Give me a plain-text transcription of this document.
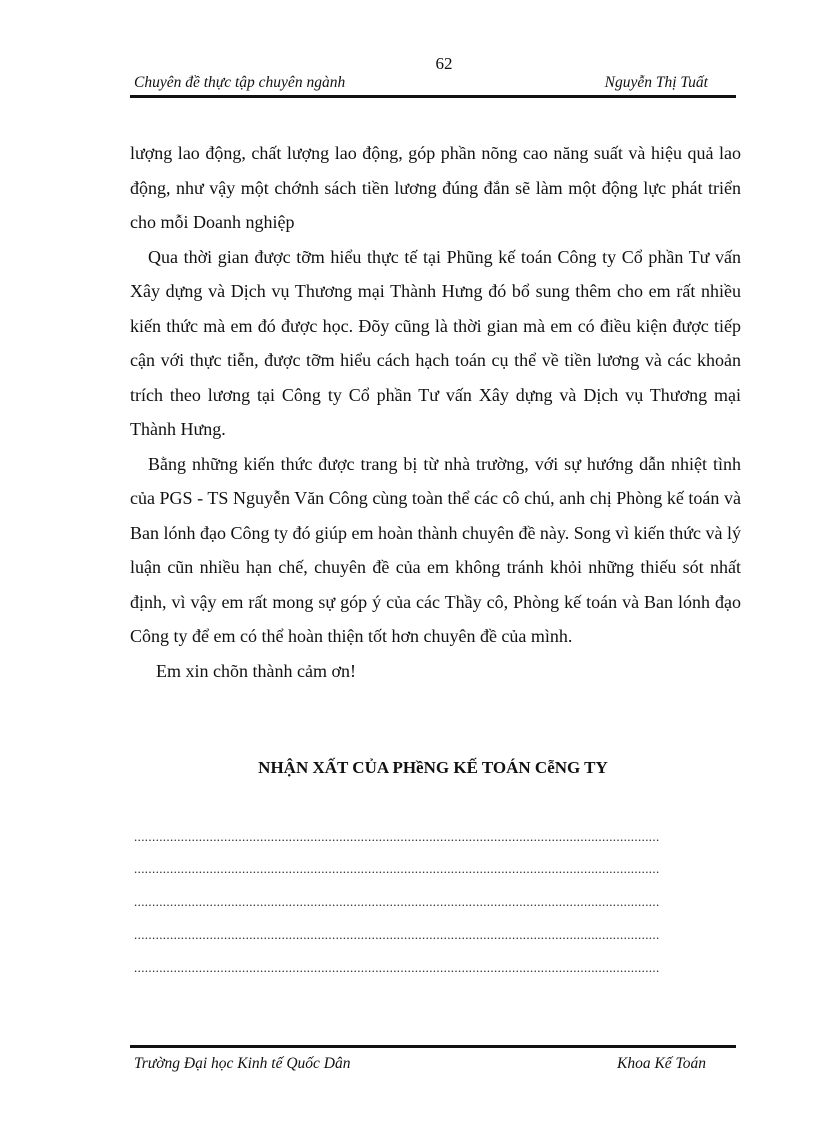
62
Chuyên đề thực tập chuyên ngành	Nguyễn Thị Tuất

lượng lao động, chất lượng lao động, góp phần nõng cao năng suất và hiệu quả lao động, như vậy một chớnh sách tiền lương đúng đắn sẽ làm một động lực phát triển cho mỗi Doanh nghiệp

Qua thời gian được tỡm hiểu thực tế tại Phũng kế toán Công ty Cổ phần Tư vấn Xây dựng và Dịch vụ Thương mại Thành Hưng đó bổ sung thêm cho em rất nhiều kiến thức mà em đó được học. Đõy cũng là thời gian mà em có điều kiện được tiếp cận với thực tiễn, được tỡm hiểu cách hạch toán cụ thể về tiền lương và các khoản trích theo lương tại Công ty Cổ phần Tư vấn Xây dựng và Dịch vụ Thương mại Thành Hưng.

Bằng những kiến thức được trang bị từ nhà trường, với sự hướng dẫn nhiệt tình của PGS - TS Nguyễn Văn Công cùng toàn thể các cô chú, anh chị Phòng kế toán và Ban lónh đạo Công ty đó giúp em hoàn thành chuyên đề này. Song vì kiến thức và lý luận cũn nhiều hạn chế, chuyên đề của em không tránh khỏi những thiếu sót nhất định, vì vậy em rất mong sự góp ý của các Thầy cô, Phòng kế toán và Ban lónh đạo Công ty để em có thể hoàn thiện tốt hơn chuyên đề của mình.

Em xin chõn thành cảm ơn!

NHẬN XẤT CỦA PHềNG KẾ TOÁN CễNG TY
..................................................................................................................................................
..................................................................................................................................................
..................................................................................................................................................
..................................................................................................................................................
..................................................................................................................................................
Trường Đại học Kinh tế Quốc Dân	Khoa Kế Toán
